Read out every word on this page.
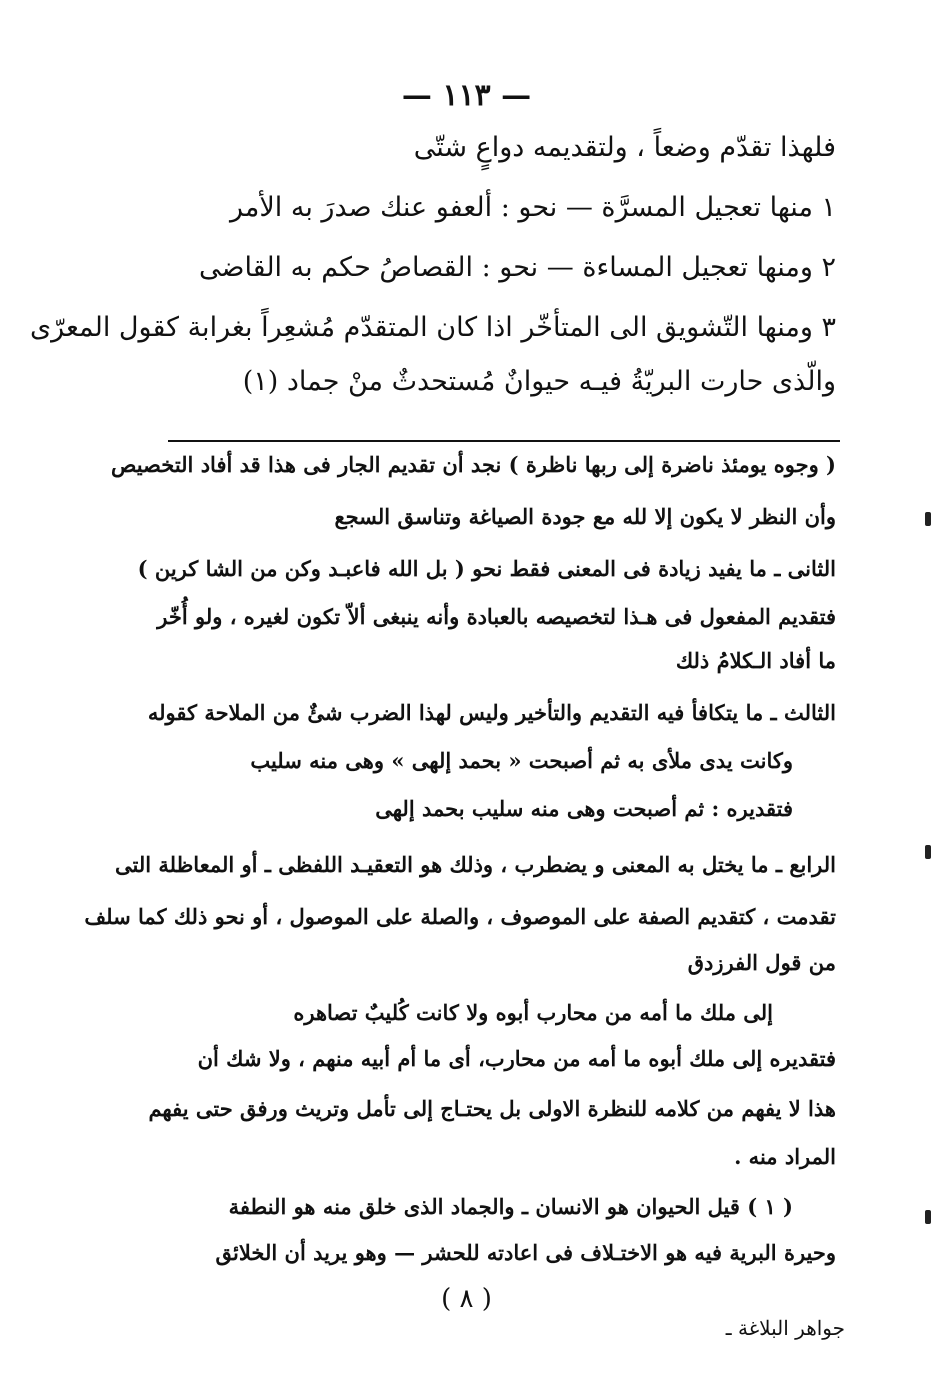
— ١١٣ —
فلهذا تقدّم وضعاً ، ولتقديمه دواعٍ شتّى
١ منها تعجيل المسرَّة — نحو : ألعفو عنك صدرَ به الأمر
٢ ومنها تعجيل المساءة — نحو : القصاصُ حكم به القاضى
٣ ومنها التّشويق الى المتأخّر اذا كان المتقدّم مُشعِراً بغرابة كقول المعرّى
والّذى حارت البريّةُ فيـه حيوانٌ مُستحدثٌ منْ جماد (١)
( وجوه يومئذ ناضرة إلى ربها ناظرة ) نجد أن تقديم الجار فى هذا قد أفاد التخصيص
وأن النظر لا يكون إلا لله مع جودة الصياغة وتناسق السجع
الثانى ـ ما يفيد زيادة فى المعنى فقط نحو ( بل الله فاعبـد وكن من الشا كرين )
فتقديم المفعول فى هـذا لتخصيصه بالعبادة وأنه ينبغى ألاّ تكون لغيره ، ولو أُخّر
ما أفاد الـكلامُ ذلك
الثالث ـ ما يتكافأ فيه التقديم والتأخير وليس لهذا الضرب شئٌ من الملاحة كقوله
وكانت يدى ملأى به ثم أصبحت « بحمد إلهى » وهى منه سليب
فتقديره : ثم أصبحت وهى منه سليب بحمد إلهى
الرابع ـ ما يختل به المعنى و يضطرب ، وذلك هو التعقيـد اللفظى ـ أو المعاظلة التى
تقدمت ، كتقديم الصفة على الموصوف ، والصلة على الموصول ، أو نحو ذلك كما سلف
من قول الفرزدق
إلى ملك ما أمه من محارب أبوه ولا كانت كُليبٌ تصاهره
فتقديره إلى ملك أبوه ما أمه من محارب، أى ما أم أبيه منهم ، ولا شك أن
هذا لا يفهم من كلامه للنظرة الاولى بل يحتـاج إلى تأمل وتريث ورفق حتى يفهم
المراد منه .
( ١ ) قيل الحيوان هو الانسان ـ والجماد الذى خلق منه هو النطفة
وحيرة البرية فيه هو الاختـلاف فى اعادته للحشر — وهو يريد أن الخلائق
( ٨ )
جواهر البلاغة ـ
